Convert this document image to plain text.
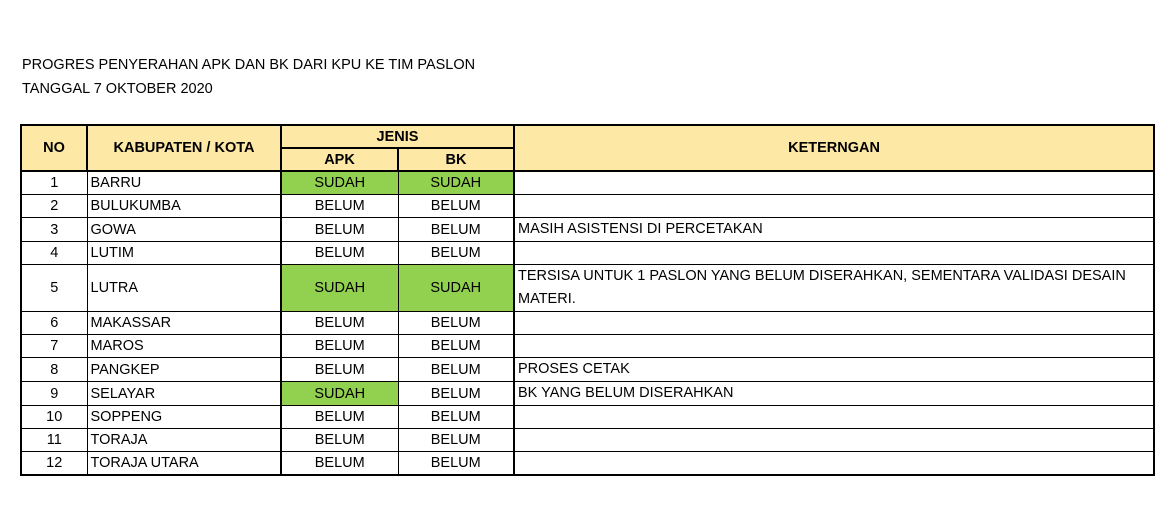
PROGRES PENYERAHAN APK DAN BK DARI KPU KE TIM PASLON
TANGGAL 7 OKTOBER 2020
NO	KABUPATEN / KOTA	JENIS		KETERNGAN
		APK	BK	
1	BARRU	SUDAH	SUDAH	
2	BULUKUMBA	BELUM	BELUM	
3	GOWA	BELUM	BELUM	MASIH ASISTENSI DI PERCETAKAN
4	LUTIM	BELUM	BELUM	
5	LUTRA	SUDAH	SUDAH	TERSISA UNTUK 1 PASLON YANG BELUM DISERAHKAN, SEMENTARA VALIDASI DESAIN MATERI.
6	MAKASSAR	BELUM	BELUM	
7	MAROS	BELUM	BELUM	
8	PANGKEP	BELUM	BELUM	PROSES CETAK
9	SELAYAR	SUDAH	BELUM	BK YANG BELUM DISERAHKAN
10	SOPPENG	BELUM	BELUM	
11	TORAJA	BELUM	BELUM	
12	TORAJA UTARA	BELUM	BELUM	
